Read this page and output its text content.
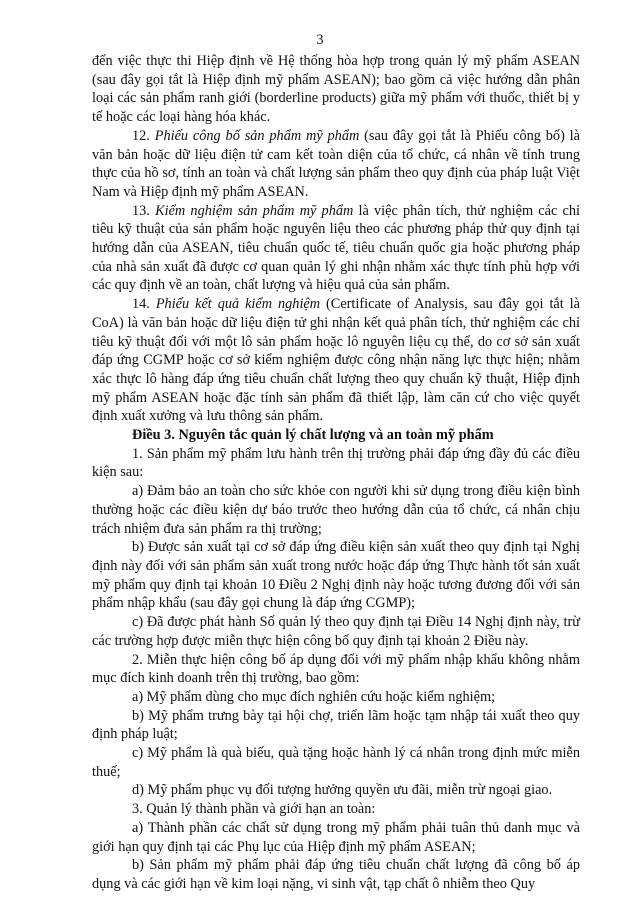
3

đến việc thực thi Hiệp định về Hệ thống hòa hợp trong quản lý mỹ phẩm ASEAN (sau đây gọi tắt là Hiệp định mỹ phẩm ASEAN); bao gồm cả việc hướng dẫn phân loại các sản phẩm ranh giới (borderline products) giữa mỹ phẩm với thuốc, thiết bị y tế hoặc các loại hàng hóa khác.

12. Phiếu công bố sản phẩm mỹ phẩm (sau đây gọi tắt là Phiếu công bố) là văn bản hoặc dữ liệu điện tử cam kết toàn diện của tổ chức, cá nhân về tính trung thực của hồ sơ, tính an toàn và chất lượng sản phẩm theo quy định của pháp luật Việt Nam và Hiệp định mỹ phẩm ASEAN.

13. Kiểm nghiệm sản phẩm mỹ phẩm là việc phân tích, thử nghiệm các chỉ tiêu kỹ thuật của sản phẩm hoặc nguyên liệu theo các phương pháp thử quy định tại hướng dẫn của ASEAN, tiêu chuẩn quốc tế, tiêu chuẩn quốc gia hoặc phương pháp của nhà sản xuất đã được cơ quan quản lý ghi nhận nhằm xác thực tính phù hợp với các quy định về an toàn, chất lượng và hiệu quả của sản phẩm.

14. Phiếu kết quả kiểm nghiệm (Certificate of Analysis, sau đây gọi tắt là CoA) là văn bản hoặc dữ liệu điện tử ghi nhận kết quả phân tích, thử nghiệm các chỉ tiêu kỹ thuật đối với một lô sản phẩm hoặc lô nguyên liệu cụ thể, do cơ sở sản xuất đáp ứng CGMP hoặc cơ sở kiểm nghiệm được công nhận năng lực thực hiện; nhằm xác thực lô hàng đáp ứng tiêu chuẩn chất lượng theo quy chuẩn kỹ thuật, Hiệp định mỹ phẩm ASEAN hoặc đặc tính sản phẩm đã thiết lập, làm căn cứ cho việc quyết định xuất xưởng và lưu thông sản phẩm.

Điều 3. Nguyên tắc quản lý chất lượng và an toàn mỹ phẩm

1. Sản phẩm mỹ phẩm lưu hành trên thị trường phải đáp ứng đầy đủ các điều kiện sau:

a) Đảm bảo an toàn cho sức khỏe con người khi sử dụng trong điều kiện bình thường hoặc các điều kiện dự báo trước theo hướng dẫn của tổ chức, cá nhân chịu trách nhiệm đưa sản phẩm ra thị trường;

b) Được sản xuất tại cơ sở đáp ứng điều kiện sản xuất theo quy định tại Nghị định này đối với sản phẩm sản xuất trong nước hoặc đáp ứng Thực hành tốt sản xuất mỹ phẩm quy định tại khoản 10 Điều 2 Nghị định này hoặc tương đương đối với sản phẩm nhập khẩu (sau đây gọi chung là đáp ứng CGMP);

c) Đã được phát hành Số quản lý theo quy định tại Điều 14 Nghị định này, trừ các trường hợp được miễn thực hiện công bố quy định tại khoản 2 Điều này.

2. Miễn thực hiện công bố áp dụng đối với mỹ phẩm nhập khẩu không nhằm mục đích kinh doanh trên thị trường, bao gồm:

a) Mỹ phẩm dùng cho mục đích nghiên cứu hoặc kiểm nghiệm;

b) Mỹ phẩm trưng bày tại hội chợ, triển lãm hoặc tạm nhập tái xuất theo quy định pháp luật;

c) Mỹ phẩm là quà biếu, quà tặng hoặc hành lý cá nhân trong định mức miễn thuế;

d) Mỹ phẩm phục vụ đối tượng hưởng quyền ưu đãi, miễn trừ ngoại giao.

3. Quản lý thành phần và giới hạn an toàn:

a) Thành phần các chất sử dụng trong mỹ phẩm phải tuân thủ danh mục và giới hạn quy định tại các Phụ lục của Hiệp định mỹ phẩm ASEAN;

b) Sản phẩm mỹ phẩm phải đáp ứng tiêu chuẩn chất lượng đã công bố áp dụng và các giới hạn về kim loại nặng, vi sinh vật, tạp chất ô nhiễm theo Quy
